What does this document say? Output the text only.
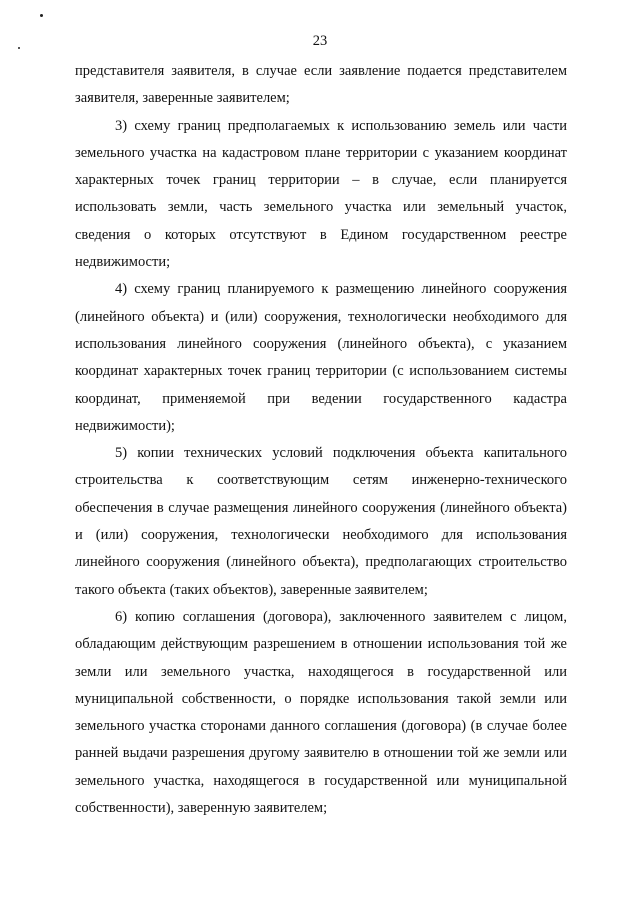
23

представителя заявителя, в случае если заявление подается представителем заявителя, заверенные заявителем;

3) схему границ предполагаемых к использованию земель или части земельного участка на кадастровом плане территории с указанием координат характерных точек границ территории – в случае, если планируется использовать земли, часть земельного участка или земельный участок, сведения о которых отсутствуют в Едином государственном реестре недвижимости;

4) схему границ планируемого к размещению линейного сооружения (линейного объекта) и (или) сооружения, технологически необходимого для использования линейного сооружения (линейного объекта), с указанием координат характерных точек границ территории (с использованием системы координат, применяемой при ведении государственного кадастра недвижимости);

5) копии технических условий подключения объекта капитального строительства к соответствующим сетям инженерно-технического обеспечения в случае размещения линейного сооружения (линейного объекта) и (или) сооружения, технологически необходимого для использования линейного сооружения (линейного объекта), предполагающих строительство такого объекта (таких объектов), заверенные заявителем;

6) копию соглашения (договора), заключенного заявителем с лицом, обладающим действующим разрешением в отношении использования той же земли или земельного участка, находящегося в государственной или муниципальной собственности, о порядке использования такой земли или земельного участка сторонами данного соглашения (договора) (в случае более ранней выдачи разрешения другому заявителю в отношении той же земли или земельного участка, находящегося в государственной или муниципальной собственности), заверенную заявителем;
